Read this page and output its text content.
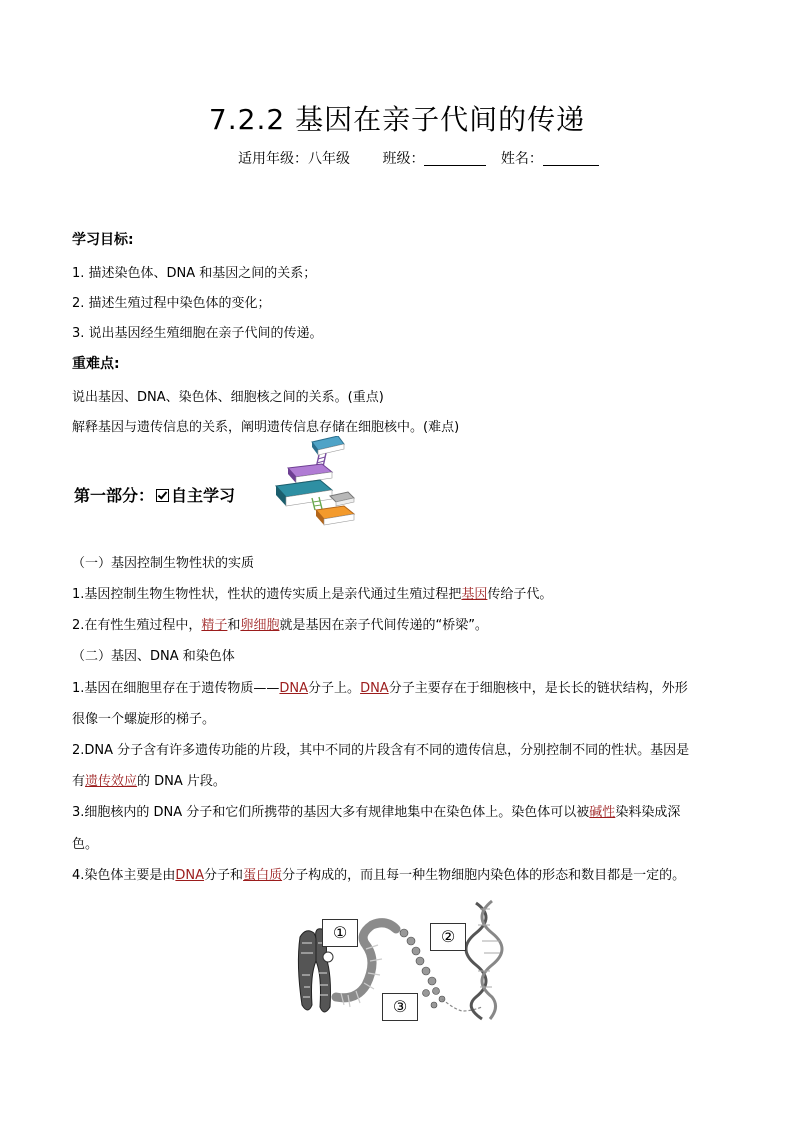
7.2.2 基因在亲子代间的传递
适用年级：八年级 班级：	姓名：
学习目标:
1. 描述染色体、DNA 和基因之间的关系；
2. 描述生殖过程中染色体的变化；
3. 说出基因经生殖细胞在亲子代间的传递。
重难点:
说出基因、DNA、染色体、细胞核之间的关系。(重点)
解释基因与遗传信息的关系，阐明遗传信息存储在细胞核中。(难点)
第一部分： 自主学习
（一）基因控制生物性状的实质
1.基因控制生物生物性状，性状的遗传实质上是亲代通过生殖过程把基因传给子代。
2.在有性生殖过程中，精子和卵细胞就是基因在亲子代间传递的“桥梁”。
（二）基因、DNA 和染色体
1.基因在细胞里存在于遗传物质——DNA分子上。DNA分子主要存在于细胞核中，是长长的链状结构，外形
很像一个螺旋形的梯子。
2.DNA 分子含有许多遗传功能的片段，其中不同的片段含有不同的遗传信息，分别控制不同的性状。基因是
有遗传效应的 DNA 片段。
3.细胞核内的 DNA 分子和它们所携带的基因大多有规律地集中在染色体上。染色体可以被碱性染料染成深
色。
4.染色体主要是由DNA分子和蛋白质分子构成的，而且每一种生物细胞内染色体的形态和数目都是一定的。
①	②
③
